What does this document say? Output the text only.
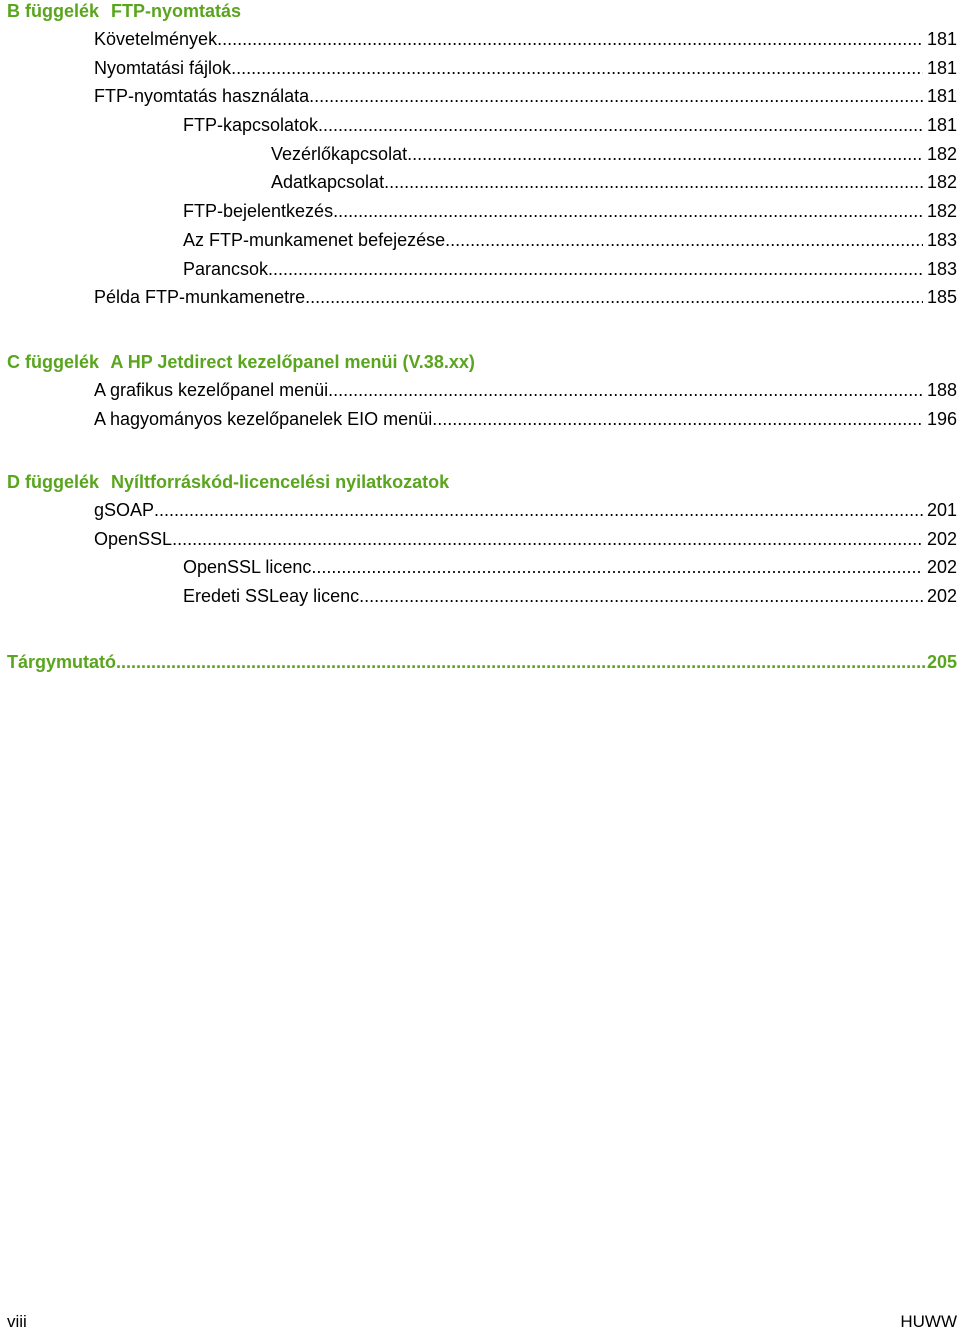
B függelék FTP-nyomtatás
Követelmények .....	181
Nyomtatási fájlok .....	181
FTP-nyomtatás használata .....	181
FTP-kapcsolatok .....	181
Vezérlőkapcsolat .....	182
Adatkapcsolat .....	182
FTP-bejelentkezés .....	182
Az FTP-munkamenet befejezése .....	183
Parancsok .....	183
Példa FTP-munkamenetre .....	185
C függelék A HP Jetdirect kezelőpanel menüi (V.38.xx)
A grafikus kezelőpanel menüi .....	188
A hagyományos kezelőpanelek EIO menüi .....	196
D függelék Nyíltforráskód-licencelési nyilatkozatok
gSOAP .....	201
OpenSSL .....	202
OpenSSL licenc .....	202
Eredeti SSLeay licenc .....	202
Tárgymutató .....	205
viii	HUWW
